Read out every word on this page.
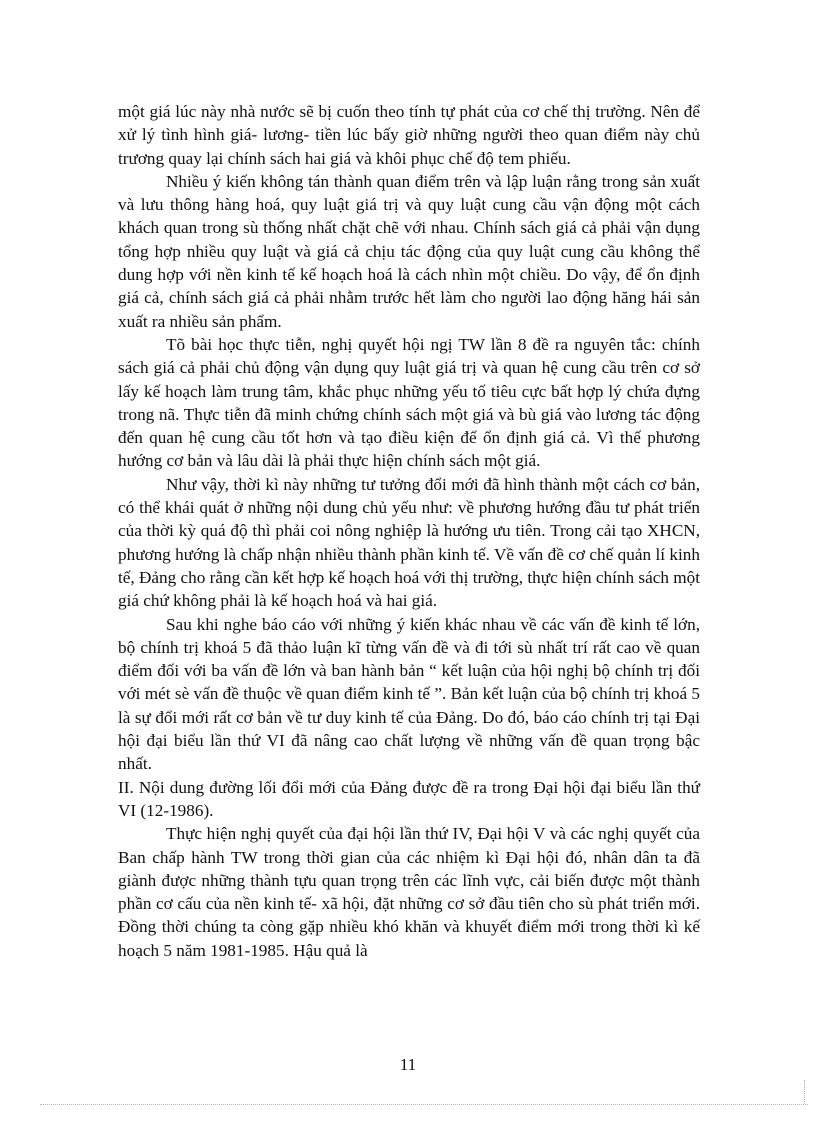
một giá lúc này nhà nước sẽ bị cuốn theo tính tự phát của cơ chế thị trường. Nên để xử lý tình hình giá- lương- tiền lúc bấy giờ những người theo quan điểm này chủ trương quay lại chính sách hai giá và khôi phục chế độ tem phiếu.

Nhiều ý kiến không tán thành quan điểm trên và lập luận rằng trong sản xuất và lưu thông hàng hoá, quy luật giá trị và quy luật cung cầu vận động một cách khách quan trong sù thống nhất chặt chẽ với nhau. Chính sách giá cả phải vận dụng tổng hợp nhiều quy luật và giá cả chịu tác động của quy luật cung cầu không thể dung hợp với nền kinh tế kế hoạch hoá là cách nhìn một chiều. Do vậy, để ổn định giá cả, chính sách giá cả phải nhằm trước hết làm cho người lao động hăng hái sản xuất ra nhiều sản phẩm.

Tõ bài học thực tiễn, nghị quyết hội ngị TW lần 8 đề ra nguyên tắc: chính sách giá cả phải chủ động vận dụng quy luật giá trị và quan hệ cung cầu trên cơ sở lấy kế hoạch làm trung tâm, khắc phục những yếu tố tiêu cực bất hợp lý chứa đựng trong nã. Thực tiễn đã minh chứng chính sách một giá và bù giá vào lương tác động đến quan hệ cung cầu tốt hơn và tạo điều kiện để ổn định giá cả. Vì thế phương hướng cơ bản và lâu dài là phải thực hiện chính sách một giá.

Như vậy, thời kì này những tư tưởng đổi mới đã hình thành một cách cơ bản, có thể khái quát ở những nội dung chủ yếu như: về phương hướng đầu tư phát triển của thời kỳ quá độ thì phải coi nông nghiệp là hướng ưu tiên. Trong cải tạo XHCN, phương hướng là chấp nhận nhiều thành phần kinh tế. Về vấn đề cơ chế quản lí kinh tế, Đảng cho rằng cần kết hợp kế hoạch hoá với thị trường, thực hiện chính sách một giá chứ không phải là kế hoạch hoá và hai giá.

Sau khi nghe báo cáo với những ý kiến khác nhau về các vấn đề kinh tế lớn, bộ chính trị khoá 5 đã thảo luận kĩ từng vấn đề và đi tới sù nhất trí rất cao về quan điểm đối với ba vấn đề lớn và ban hành bản “ kết luận của hội nghị bộ chính trị đối với mét sè vấn đề thuộc về quan điểm kinh tế ”. Bản kết luận của bộ chính trị khoá 5 là sự đổi mới rất cơ bản về tư duy kinh tế của Đảng. Do đó, báo cáo chính trị tại Đại hội đại biểu lần thứ VI đã nâng cao chất lượng về những vấn đề quan trọng bậc nhất.

II. Nội dung đường lối đổi mới của Đảng được đề ra trong Đại hội đại biểu lần thứ VI (12-1986).

Thực hiện nghị quyết của đại hội lần thứ IV, Đại hội V và các nghị quyết của Ban chấp hành TW trong thời gian của các nhiệm kì Đại hội đó, nhân dân ta đã giành được những thành tựu quan trọng trên các lĩnh vực, cải biến được một thành phần cơ cấu của nền kinh tế- xã hội, đặt những cơ sở đầu tiên cho sù phát triển mới. Đồng thời chúng ta còng gặp nhiều khó khăn và khuyết điểm mới trong thời kì kế hoạch 5 năm 1981-1985. Hậu quả là

11
